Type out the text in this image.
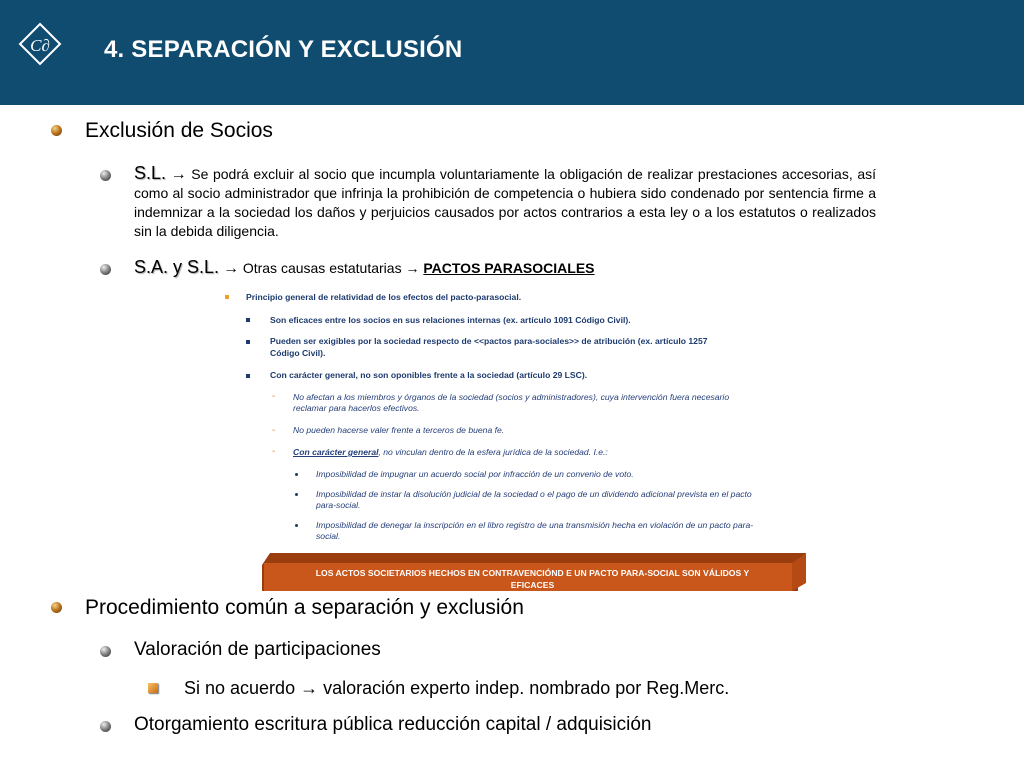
C∂ 4. SEPARACIÓN Y EXCLUSIÓN
Exclusión de Socios
S.L. → Se podrá excluir al socio que incumpla voluntariamente la obligación de realizar prestaciones accesorias, así como al socio administrador que infrinja la prohibición de competencia o hubiera sido condenado por sentencia firme a indemnizar a la sociedad los daños y perjuicios causados por actos contrarios a esta ley o a los estatutos o realizados sin la debida diligencia.
S.A. y S.L. → Otras causas estatutarias → PACTOS PARASOCIALES
Principio general de relatividad de los efectos del pacto-parasocial.
Son eficaces entre los socios en sus relaciones internas (ex. artículo 1091 Código Civil).
Pueden ser exigibles por la sociedad respecto de <<pactos para-sociales>> de atribución (ex. artículo 1257
Código Civil).
Con carácter general, no son oponibles frente a la sociedad (artículo 29 LSC).
- No afectan a los miembros y órganos de la sociedad (socios y administradores), cuya intervención fuera necesario
reclamar para hacerlos efectivos.
- No pueden hacerse valer frente a terceros de buena fe.
- Con carácter general, no vinculan dentro de la esfera jurídica de la sociedad. I.e.:
Imposibilidad de impugnar un acuerdo social por infracción de un convenio de voto.
Imposibilidad de instar la disolución judicial de la sociedad o el pago de un dividendo adicional prevista en el pacto
para-social.
Imposibilidad de denegar la inscripción en el libro registro de una transmisión hecha en violación de un pacto para-
social.
LOS ACTOS SOCIETARIOS HECHOS EN CONTRAVENCIÓND E UN PACTO PARA-SOCIAL SON VÁLIDOS Y
EFICACES
Procedimiento común a separación y exclusión
Valoración de participaciones
Si no acuerdo → valoración experto indep. nombrado por Reg.Merc.
Otorgamiento escritura pública reducción capital / adquisición
